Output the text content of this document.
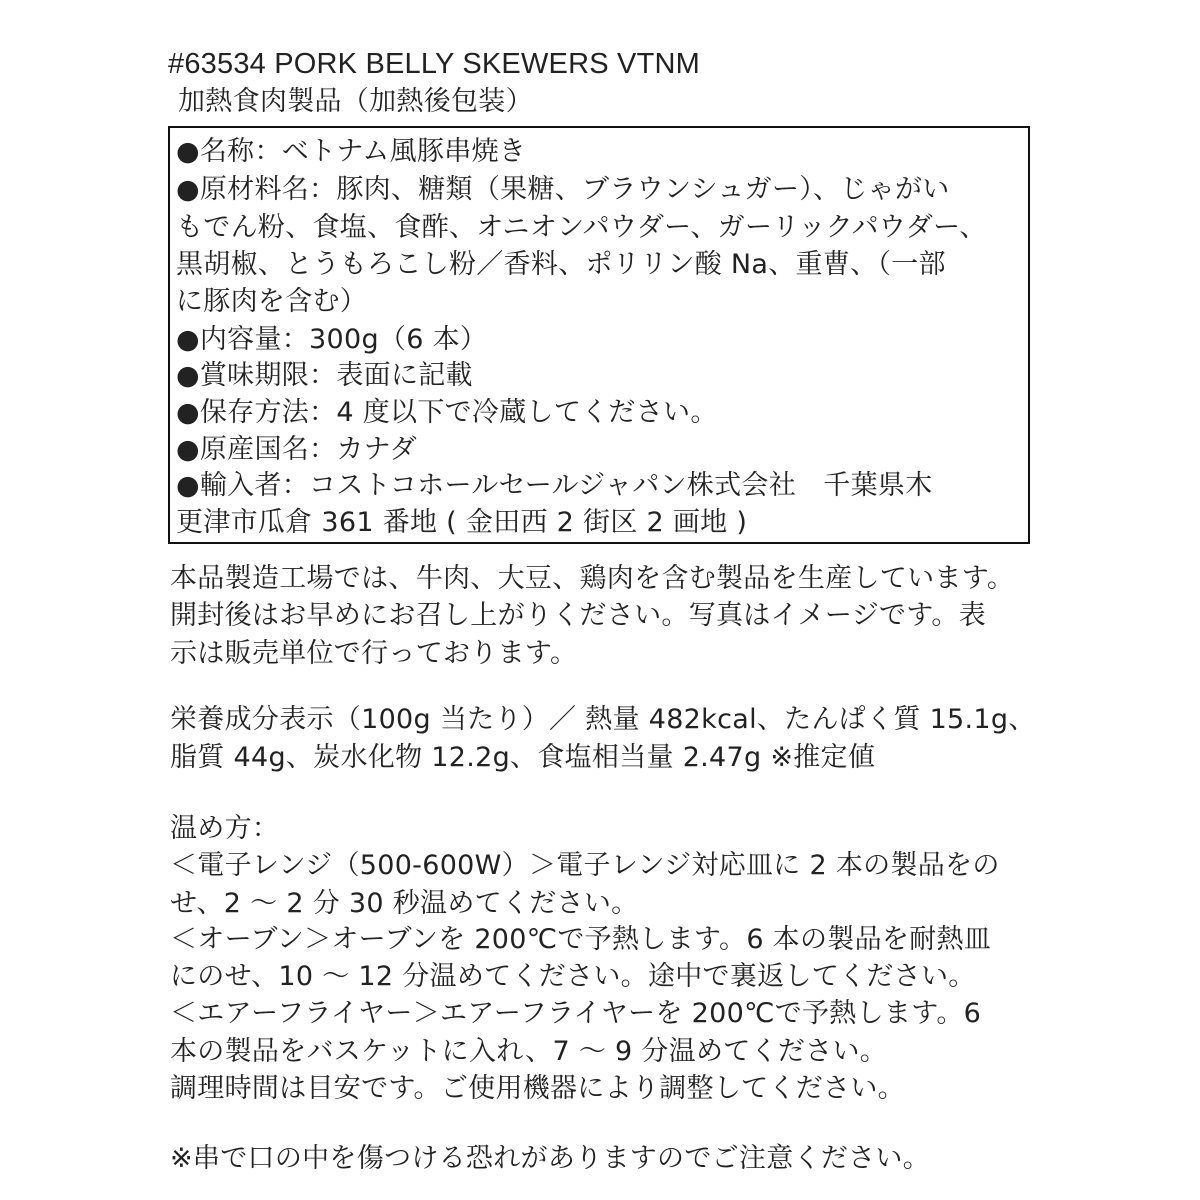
#63534 PORK BELLY SKEWERS VTNM
加熱食肉製品（加熱後包装）
●名称：ベトナム風豚串焼き
●原材料名：豚肉、糖類（果糖、ブラウンシュガー）、じゃがい
もでん粉、食塩、食酢、オニオンパウダー、ガーリックパウダー、
黒胡椒、とうもろこし粉／香料、ポリリン酸 Na、重曹、（一部
に豚肉を含む）
●内容量：300g（6 本）
●賞味期限：表面に記載
●保存方法：4 度以下で冷蔵してください。
●原産国名：カナダ
●輸入者：コストコホールセールジャパン株式会社　千葉県木
更津市瓜倉 361 番地 ( 金田西 2 街区 2 画地 )
本品製造工場では、牛肉、大豆、鶏肉を含む製品を生産しています。
開封後はお早めにお召し上がりください。写真はイメージです。表
示は販売単位で行っております。
栄養成分表示（100g 当たり）／ 熱量 482kcal、たんぱく質 15.1g、
脂質 44g、炭水化物 12.2g、食塩相当量 2.47g ※推定値
温め方：
＜電子レンジ（500-600W）＞電子レンジ対応皿に 2 本の製品をの
せ、2 ～ 2 分 30 秒温めてください。
＜オーブン＞オーブンを 200℃で予熱します。6 本の製品を耐熱皿
にのせ、10 ～ 12 分温めてください。途中で裏返してください。
＜エアーフライヤー＞エアーフライヤーを 200℃で予熱します。6
本の製品をバスケットに入れ、7 ～ 9 分温めてください。
調理時間は目安です。ご使用機器により調整してください。
※串で口の中を傷つける恐れがありますのでご注意ください。
